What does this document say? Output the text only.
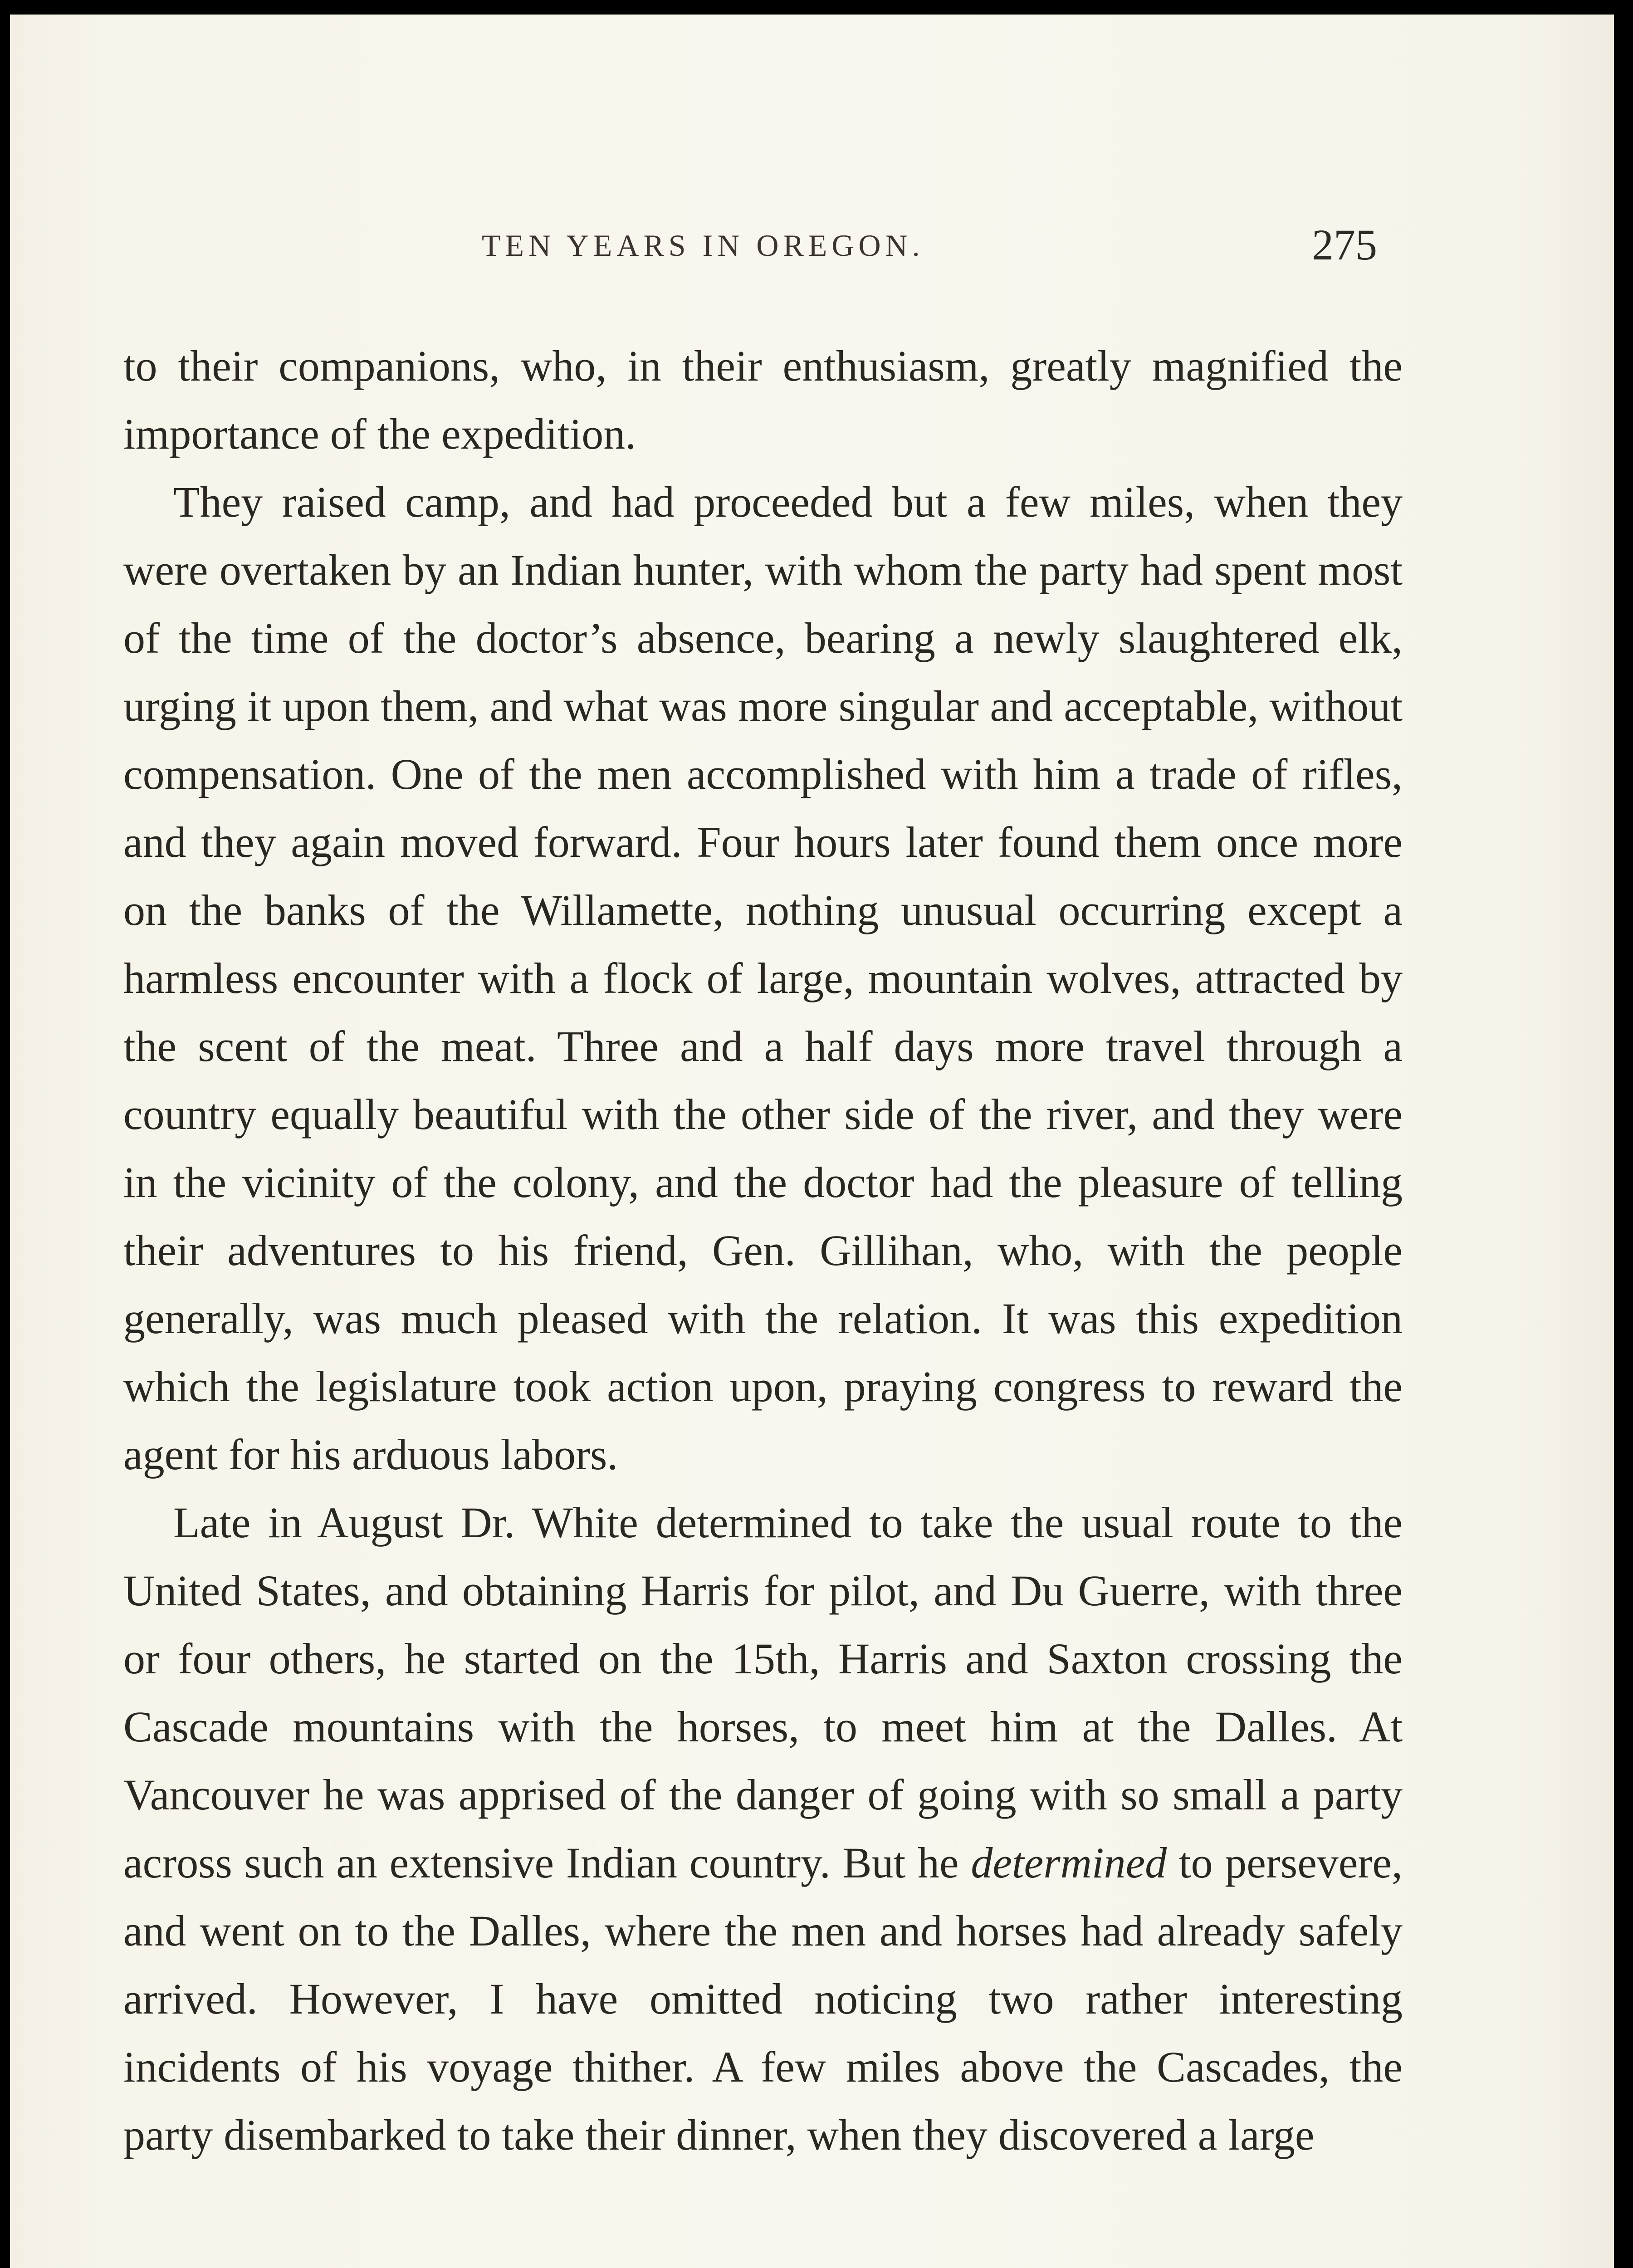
TEN YEARS IN OREGON.	275

to their companions, who, in their enthusiasm, greatly magnified the importance of the expedition.

They raised camp, and had proceeded but a few miles, when they were overtaken by an Indian hunter, with whom the party had spent most of the time of the doctor’s absence, bearing a newly slaughtered elk, urging it upon them, and what was more singular and acceptable, without compensation. One of the men accomplished with him a trade of rifles, and they again moved forward. Four hours later found them once more on the banks of the Willamette, nothing unusual occurring except a harmless encounter with a flock of large, mountain wolves, attracted by the scent of the meat. Three and a half days more travel through a country equally beautiful with the other side of the river, and they were in the vicinity of the colony, and the doctor had the pleasure of telling their adventures to his friend, Gen. Gillihan, who, with the people generally, was much pleased with the relation. It was this expedition which the legislature took action upon, praying congress to reward the agent for his arduous labors.

Late in August Dr. White determined to take the usual route to the United States, and obtaining Harris for pilot, and Du Guerre, with three or four others, he started on the 15th, Harris and Saxton crossing the Cascade mountains with the horses, to meet him at the Dalles. At Vancouver he was apprised of the danger of going with so small a party across such an extensive Indian country. But he determined to persevere, and went on to the Dalles, where the men and horses had already safely arrived. However, I have omitted noticing two rather interesting incidents of his voyage thither. A few miles above the Cascades, the party disembarked to take their dinner, when they discovered a large
